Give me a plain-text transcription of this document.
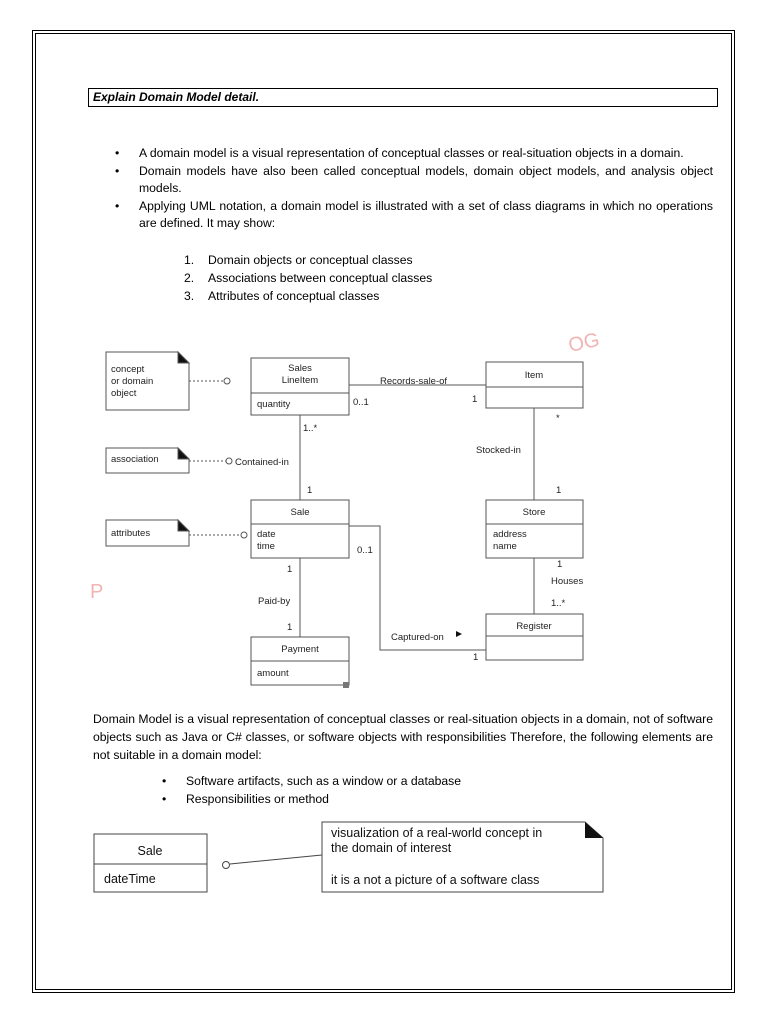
Explain Domain Model detail.
• A domain model is a visual representation of conceptual classes or real-situation objects in a domain.
• Domain models have also been called conceptual models, domain object models, and analysis object models.
• Applying UML notation, a domain model is illustrated with a set of class diagrams in which no operations are defined. It may show:
1. Domain objects or conceptual classes
2. Associations between conceptual classes
3. Attributes of conceptual classes
P
OG
concept
or domain
object
association
attributes
Sales
LineItem
quantity
Item
Sale
date
time
Store
address
name
Payment
amount
Register
Records-sale-of
Contained-in
Stocked-in
Houses
Paid-by
Captured-on
0..1	1
*
1..*
1	1
1
1..*
0..1
1
1
1
Sale
dateTime
visualization of a real-world concept in
the domain of interest
it is a not a picture of a software class

Domain Model is a visual representation of conceptual classes or real-situation objects in a domain, not of software objects such as Java or C# classes, or software objects with responsibilities Therefore, the following elements are not suitable in a domain model:

• Software artifacts, such as a window or a database
• Responsibilities or method
